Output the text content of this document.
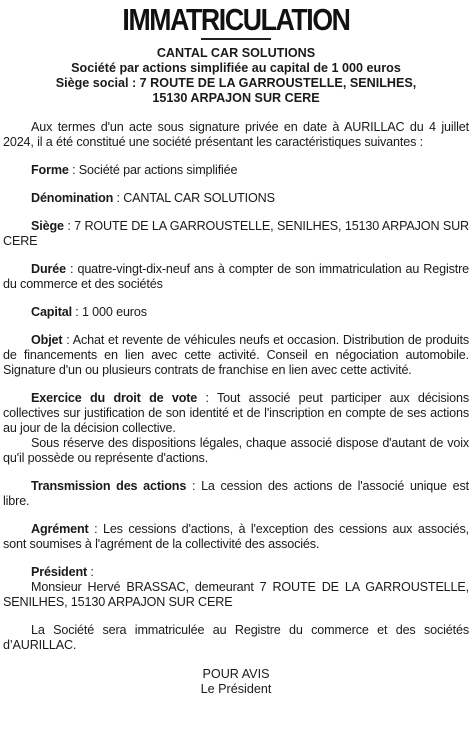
IMMATRICULATION
CANTAL CAR SOLUTIONS
Société par actions simplifiée au capital de 1 000 euros
Siège social : 7 ROUTE DE LA GARROUSTELLE, SENILHES,
15130 ARPAJON SUR CERE

Aux termes d'un acte sous signature privée en date à AURILLAC du 4 juillet 2024, il a été constitué une société présentant les caractéristiques suivantes :

Forme : Société par actions simplifiée

Dénomination : CANTAL CAR SOLUTIONS

Siège : 7 ROUTE DE LA GARROUSTELLE, SENILHES, 15130 ARPAJON SUR CERE

Durée : quatre-vingt-dix-neuf ans à compter de son immatriculation au Registre du commerce et des sociétés

Capital : 1 000 euros

Objet : Achat et revente de véhicules neufs et occasion. Distribution de produits de financements en lien avec cette activité. Conseil en négociation automobile. Signature d'un ou plusieurs contrats de franchise en lien avec cette activité.

Exercice du droit de vote : Tout associé peut participer aux décisions collectives sur justification de son identité et de l'inscription en compte de ses actions au jour de la décision collective.

Sous réserve des dispositions légales, chaque associé dispose d'autant de voix qu'il possède ou représente d'actions.

Transmission des actions : La cession des actions de l'associé unique est libre.

Agrément : Les cessions d'actions, à l'exception des cessions aux associés, sont soumises à l'agrément de la collectivité des associés.

Président :

Monsieur Hervé BRASSAC, demeurant 7 ROUTE DE LA GARROUSTELLE, SENILHES, 15130 ARPAJON SUR CERE

La Société sera immatriculée au Registre du commerce et des sociétés d’AURILLAC.

POUR AVIS
Le Président
